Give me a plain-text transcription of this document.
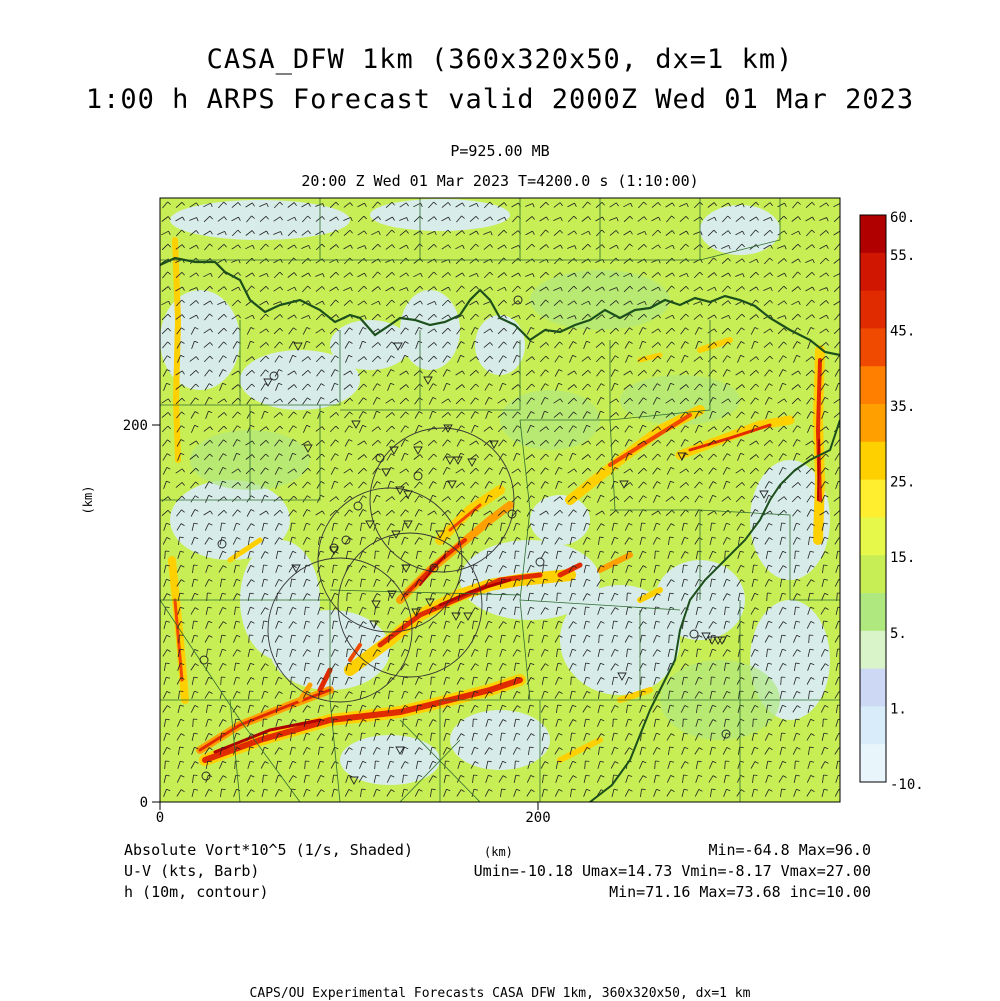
CASA_DFW 1km (360x320x50, dx=1 km)
1:00 h ARPS Forecast valid 2000Z Wed 01 Mar 2023
P=925.00 MB
20:00 Z Wed 01 Mar 2023 T=4200.0 s (1:10:00)
0	200
0
200
(km)
60.
55.
45.
35.
25.
15.
5.
1.
-10.
Absolute Vort*10^5 (1/s, Shaded)
U-V (kts, Barb)
h (10m, contour)
(km)	Min=-64.8 Max=96.0
Umin=-10.18 Umax=14.73 Vmin=-8.17 Vmax=27.00
Min=71.16 Max=73.68 inc=10.00
CAPS/OU Experimental Forecasts CASA DFW 1km, 360x320x50, dx=1 km
